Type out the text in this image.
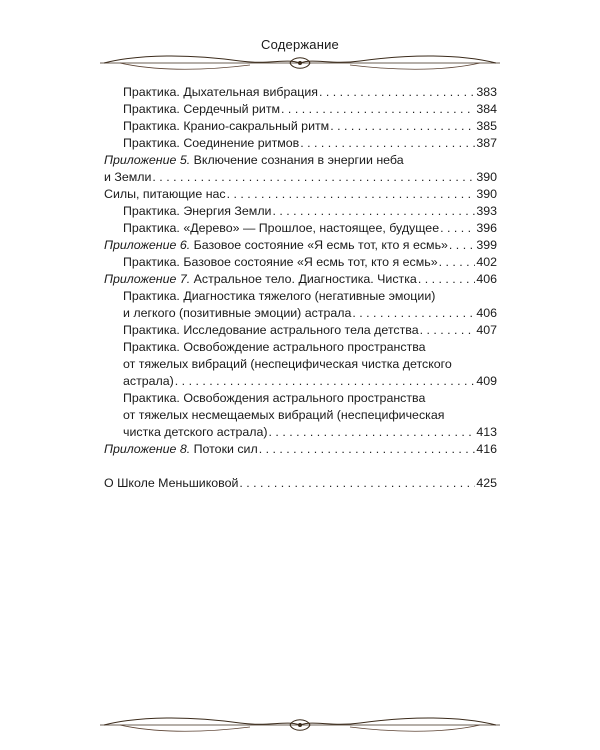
Содержание
Практика. Дыхательная вибрация . . .	383
Практика. Сердечный ритм . . .	384
Практика. Кранио-сакральный ритм . . .	385
Практика. Соединение ритмов . . .	387
Приложение 5. Включение сознания в энергии неба
и Земли . . .	390
Силы, питающие нас . . .	390
Практика. Энергия Земли . . .	393
Практика. «Дерево» — Прошлое, настоящее, будущее . . .	396
Приложение 6. Базовое состояние «Я есмь тот, кто я есмь» . . . 399
Практика. Базовое состояние «Я есмь тот, кто я есмь» . . .	402
Приложение 7. Астральное тело. Диагностика. Чистка . . .	406
Практика. Диагностика тяжелого (негативные эмоции)
и легкого (позитивные эмоции) астрала . . .	406
Практика. Исследование астрального тела детства . . .	407
Практика. Освобождение астрального пространства
от тяжелых вибраций (неспецифическая чистка детского
астрала) . . .	409
Практика. Освобождения астрального пространства
от тяжелых несмещаемых вибраций (неспецифическая
чистка детского астрала) . . .	413
Приложение 8. Потоки сил . . .	416
О Школе Меньшиковой . . .	425
